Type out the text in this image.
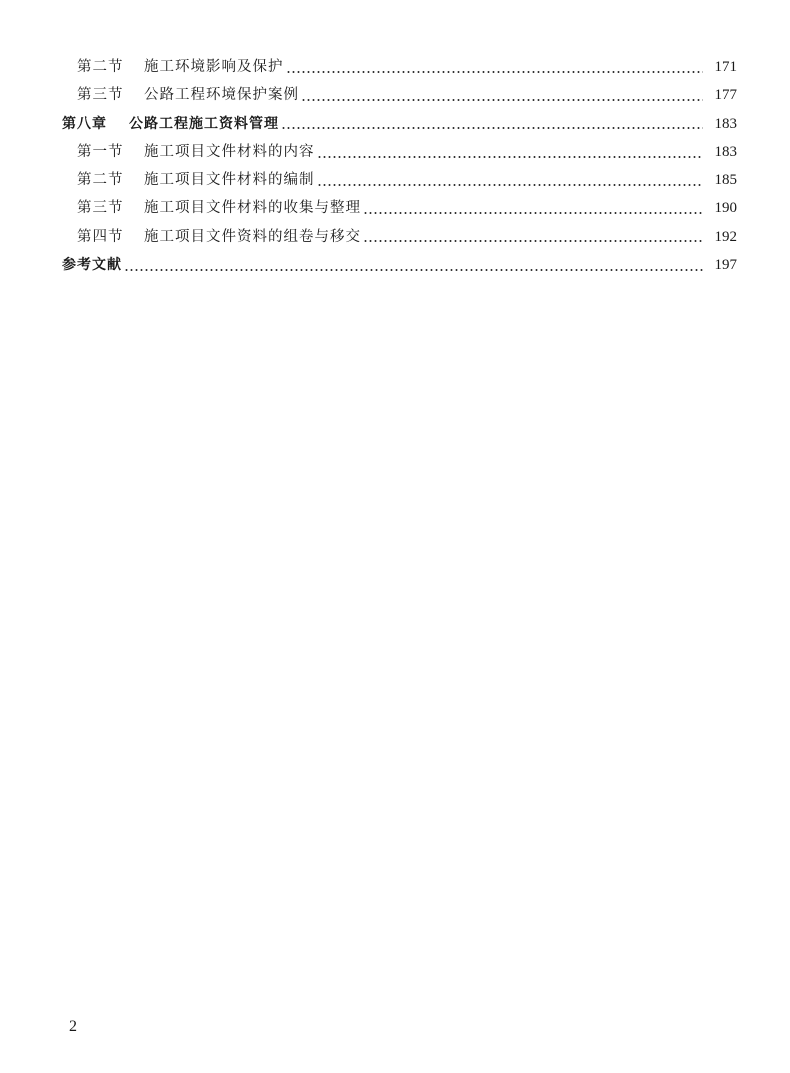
第二节	施工环境影响及保护	171
第三节	公路工程环境保护案例	177
第八章	公路工程施工资料管理	183
第一节	施工项目文件材料的内容	183
第二节	施工项目文件材料的编制	185
第三节	施工项目文件材料的收集与整理	190
第四节	施工项目文件资料的组卷与移交	192
参考文献	197
2
